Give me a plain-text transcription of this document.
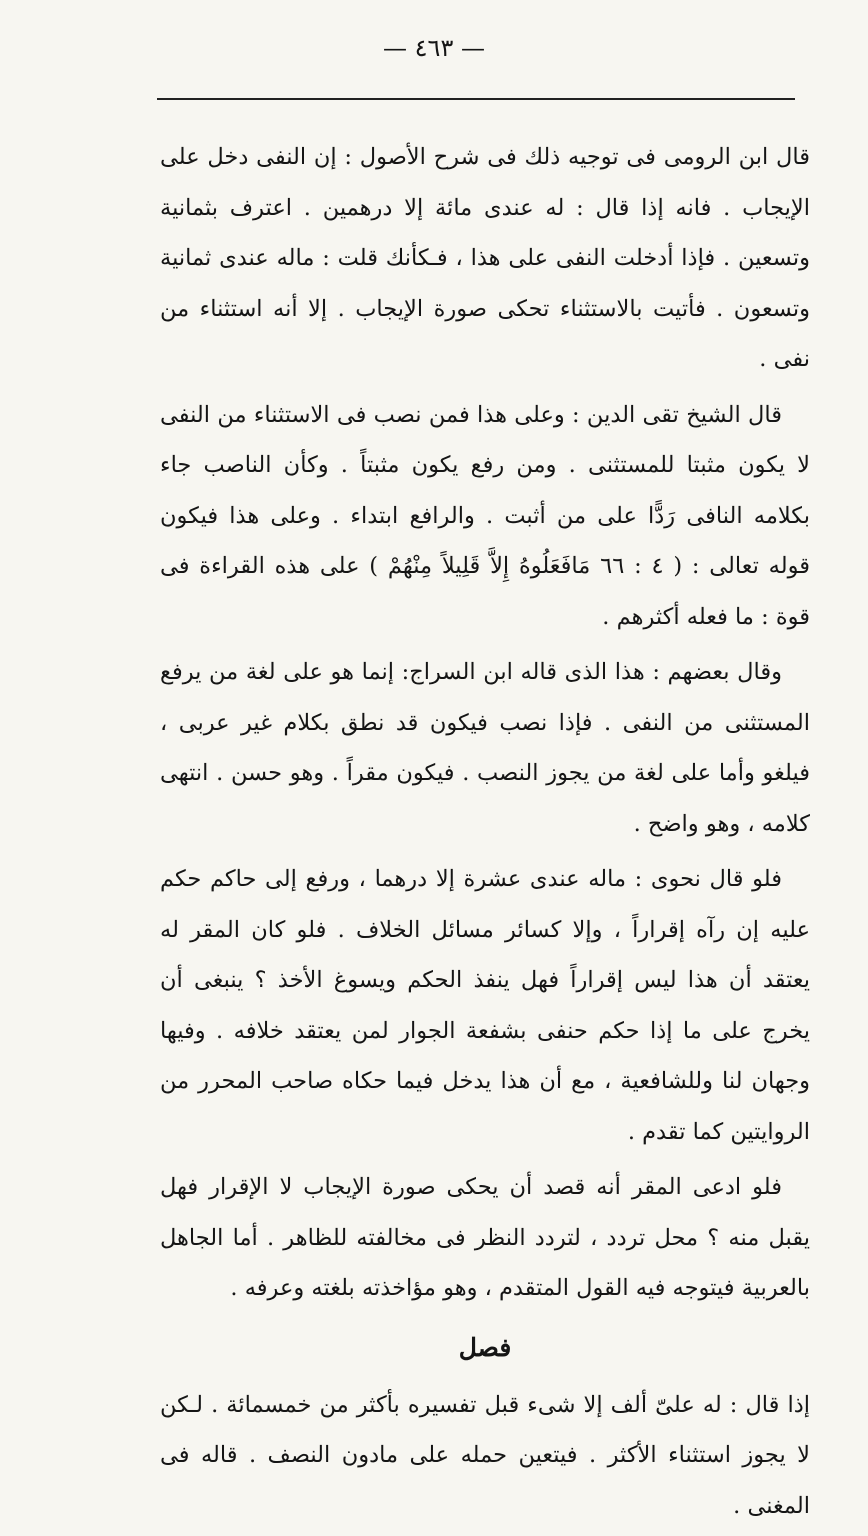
— ٤٦٣ —

قال ابن الرومى فى توجيه ذلك فى شرح الأصول : إن النفى دخل على الإيجاب . فانه إذا قال : له عندى مائة إلا درهمين . اعترف بثمانية وتسعين . فإذا أدخلت النفى على هذا ، فـكأنك قلت : ماله عندى ثمانية وتسعون . فأتيت بالاستثناء تحكى صورة الإيجاب . إلا أنه استثناء من نفى .

قال الشيخ تقى الدين : وعلى هذا فمن نصب فى الاستثناء من النفى لا يكون مثبتا للمستثنى . ومن رفع يكون مثبتاً . وكأن الناصب جاء بكلامه النافى رَدًّا على من أثبت . والرافع ابتداء . وعلى هذا فيكون قوله تعالى : ( ٤ : ٦٦ مَافَعَلُوهُ إِلاَّ قَلِيلاً مِنْهُمْ ) على هذه القراءة فى قوة : ما فعله أكثرهم .

وقال بعضهم : هذا الذى قاله ابن السراج: إنما هو على لغة من يرفع المستثنى من النفى . فإذا نصب فيكون قد نطق بكلام غير عربى ، فيلغو وأما على لغة من يجوز النصب . فيكون مقراً . وهو حسن . انتهى كلامه ، وهو واضح .

فلو قال نحوى : ماله عندى عشرة إلا درهما ، ورفع إلى حاكم حكم عليه إن رآه إقراراً ، وإلا كسائر مسائل الخلاف . فلو كان المقر له يعتقد أن هذا ليس إقراراً فهل ينفذ الحكم ويسوغ الأخذ ؟ ينبغى أن يخرج على ما إذا حكم حنفى بشفعة الجوار لمن يعتقد خلافه . وفيها وجهان لنا وللشافعية ، مع أن هذا يدخل فيما حكاه صاحب المحرر من الروايتين كما تقدم .

فلو ادعى المقر أنه قصد أن يحكى صورة الإيجاب لا الإقرار فهل يقبل منه ؟ محل تردد ، لتردد النظر فى مخالفته للظاهر . أما الجاهل بالعربية فيتوجه فيه القول المتقدم ، وهو مؤاخذته بلغته وعرفه .

فصل

إذا قال : له علىّ ألف إلا شىء قبل تفسيره بأكثر من خمسمائة . لـكن لا يجوز استثناء الأكثر . فيتعين حمله على مادون النصف . قاله فى المغنى .
